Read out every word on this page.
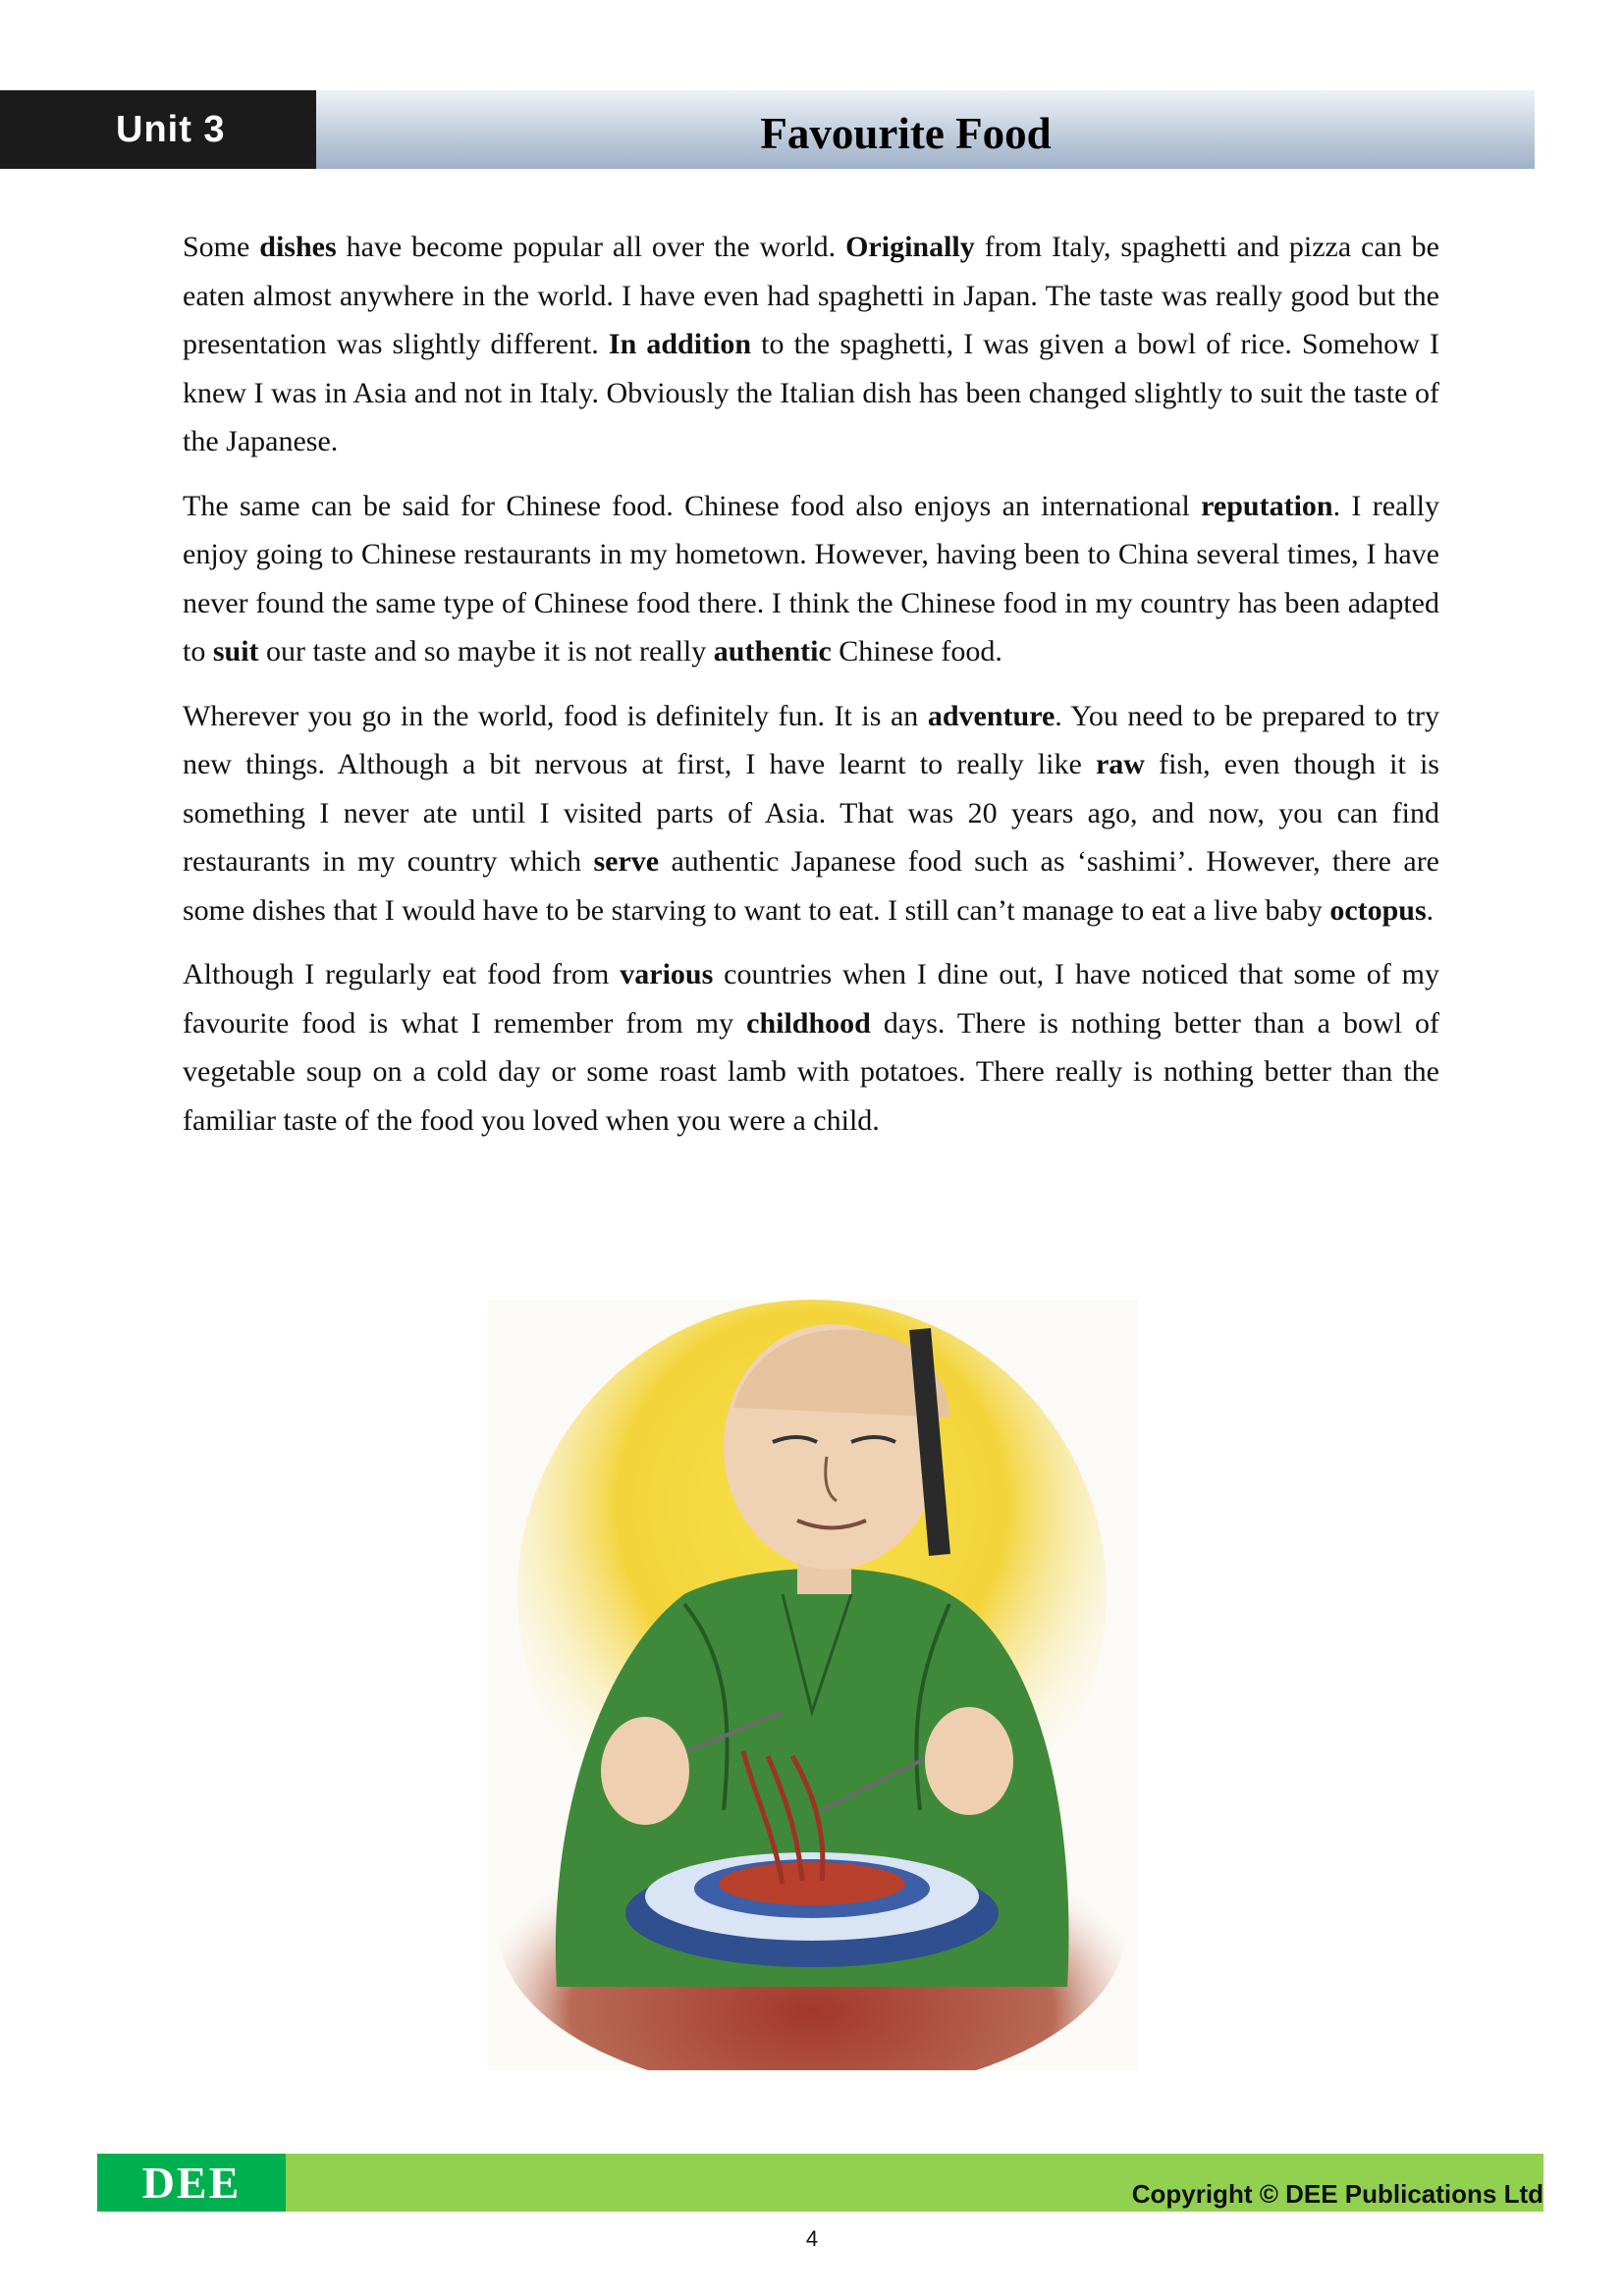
Unit 3	Favourite Food

Some dishes have become popular all over the world. Originally from Italy, spaghetti and pizza can be eaten almost anywhere in the world. I have even had spaghetti in Japan. The taste was really good but the presentation was slightly different. In addition to the spaghetti, I was given a bowl of rice. Somehow I knew I was in Asia and not in Italy. Obviously the Italian dish has been changed slightly to suit the taste of the Japanese.

The same can be said for Chinese food. Chinese food also enjoys an international reputation. I really enjoy going to Chinese restaurants in my hometown. However, having been to China several times, I have never found the same type of Chinese food there. I think the Chinese food in my country has been adapted to suit our taste and so maybe it is not really authentic Chinese food.

Wherever you go in the world, food is definitely fun. It is an adventure. You need to be prepared to try new things. Although a bit nervous at first, I have learnt to really like raw fish, even though it is something I never ate until I visited parts of Asia. That was 20 years ago, and now, you can find restaurants in my country which serve authentic Japanese food such as ‘sashimi’. However, there are some dishes that I would have to be starving to want to eat. I still can’t manage to eat a live baby octopus.

Although I regularly eat food from various countries when I dine out, I have noticed that some of my favourite food is what I remember from my childhood days. There is nothing better than a bowl of vegetable soup on a cold day or some roast lamb with potatoes. There really is nothing better than the familiar taste of the food you loved when you were a child.

DEE	Copyright © DEE Publications Ltd
4
